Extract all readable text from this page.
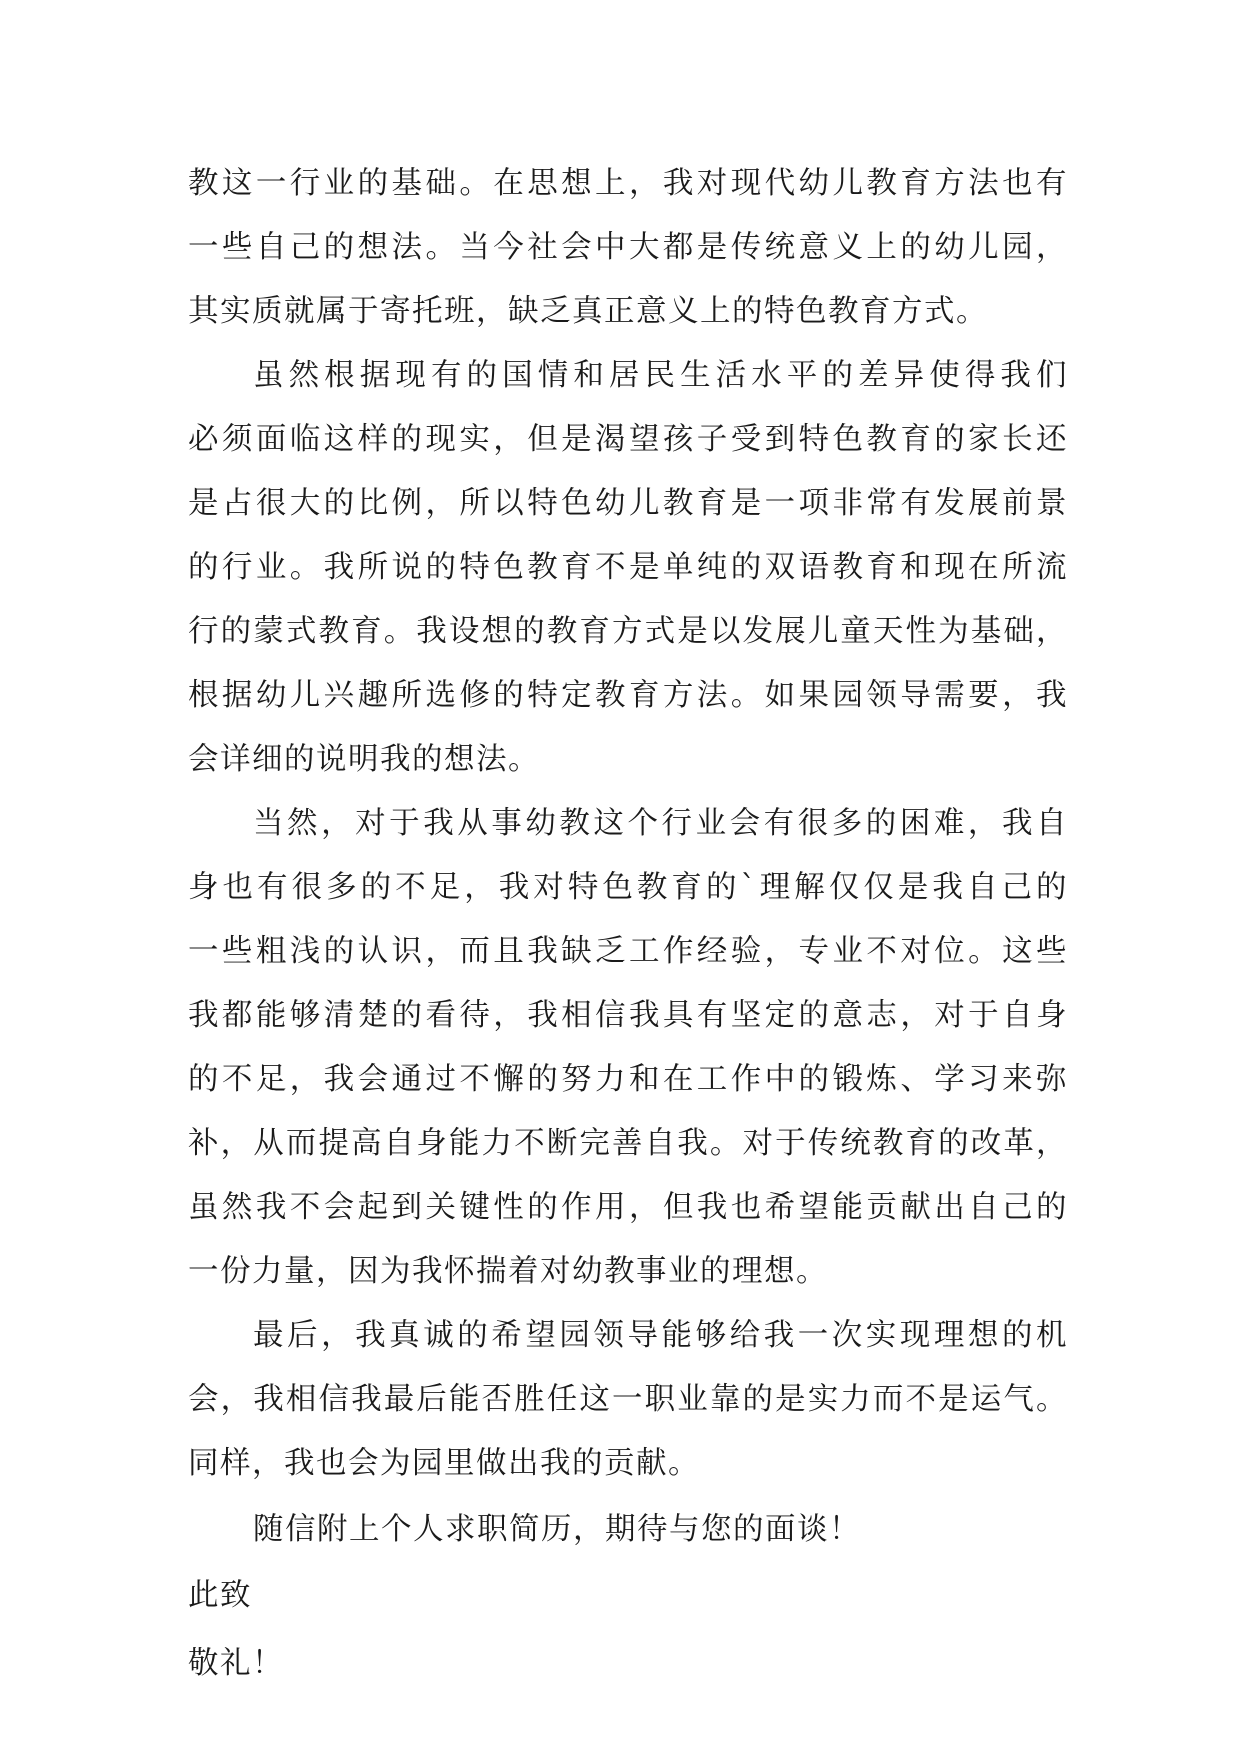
教这一行业的基础。在思想上，我对现代幼儿教育方法也有
一些自己的想法。当今社会中大都是传统意义上的幼儿园，
其实质就属于寄托班，缺乏真正意义上的特色教育方式。
虽然根据现有的国情和居民生活水平的差异使得我们
必须面临这样的现实，但是渴望孩子受到特色教育的家长还
是占很大的比例，所以特色幼儿教育是一项非常有发展前景
的行业。我所说的特色教育不是单纯的双语教育和现在所流
行的蒙式教育。我设想的教育方式是以发展儿童天性为基础，
根据幼儿兴趣所选修的特定教育方法。如果园领导需要，我
会详细的说明我的想法。
当然，对于我从事幼教这个行业会有很多的困难，我自
身也有很多的不足，我对特色教育的`理解仅仅是我自己的
一些粗浅的认识，而且我缺乏工作经验，专业不对位。这些
我都能够清楚的看待，我相信我具有坚定的意志，对于自身
的不足，我会通过不懈的努力和在工作中的锻炼、学习来弥
补，从而提高自身能力不断完善自我。对于传统教育的改革，
虽然我不会起到关键性的作用，但我也希望能贡献出自己的
一份力量，因为我怀揣着对幼教事业的理想。
最后，我真诚的希望园领导能够给我一次实现理想的机
会，我相信我最后能否胜任这一职业靠的是实力而不是运气。
同样，我也会为园里做出我的贡献。
随信附上个人求职简历，期待与您的面谈！
此致
敬礼！
